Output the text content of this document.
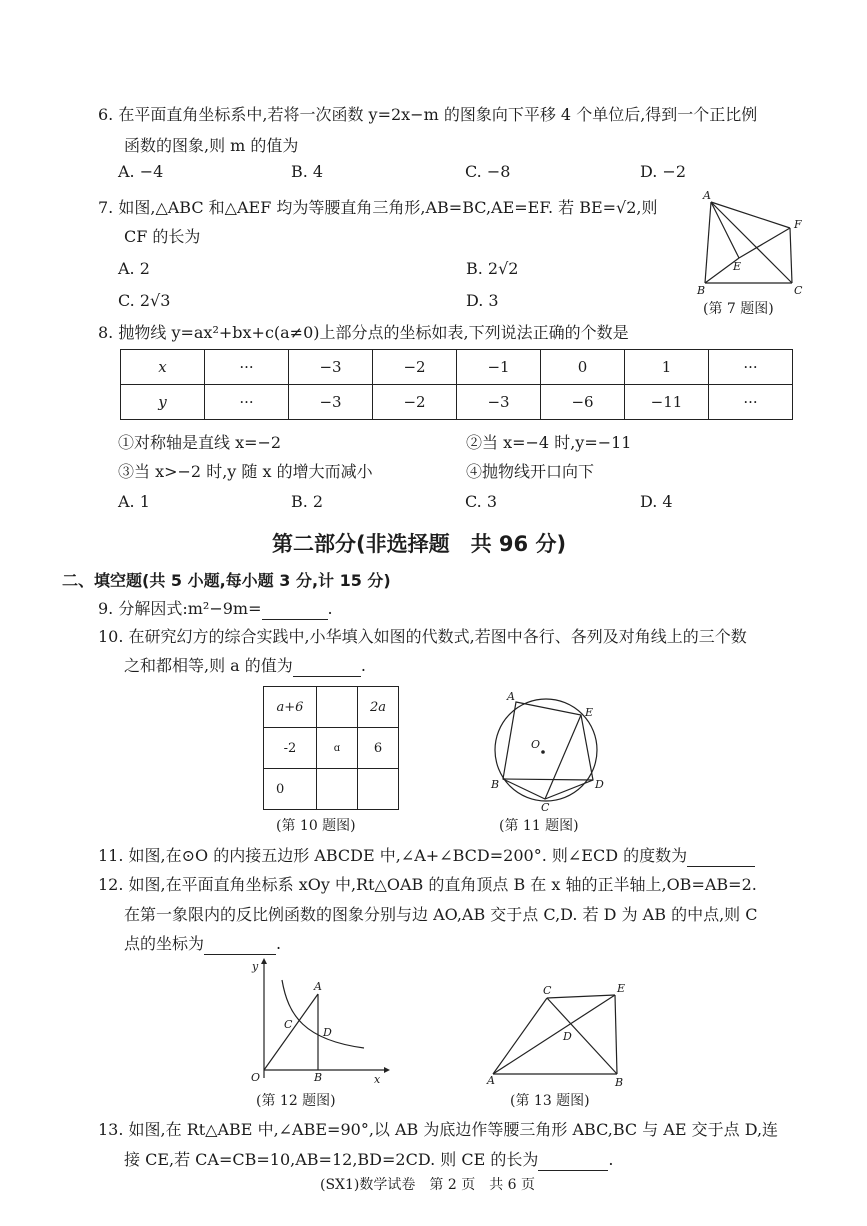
6. 在平面直角坐标系中,若将一次函数 y=2x−m 的图象向下平移 4 个单位后,得到一个正比例
函数的图象,则 m 的值为
A. −4	B. 4	C. −8	D. −2
7. 如图,△ABC 和△AEF 均为等腰直角三角形,AB=BC,AE=EF. 若 BE=√2,则
CF 的长为
A. 2	B. 2√2
C. 2√3	D. 3
A
F
E
B	C
(第 7 题图)
8. 抛物线 y=ax²+bx+c(a≠0)上部分点的坐标如表,下列说法正确的个数是
x	···	−3	−2	−1	0	1	···
y	···	−3	−2	−3	−6	−11	···
①对称轴是直线 x=−2	②当 x=−4 时,y=−11
③当 x>−2 时,y 随 x 的增大而减小	④抛物线开口向下
A. 1	B. 2	C. 3	D. 4
第二部分(非选择题　共 96 分)
二、填空题(共 5 小题,每小题 3 分,计 15 分)
9. 分解因式:m²−9m=	.
10. 在研究幻方的综合实践中,小华填入如图的代数式,若图中各行、各列及对角线上的三个数
之和都相等,则 a 的值为	.
a+6		2a
-2	ɑ	6
0		
(第 10 题图)
A
E
O
B	D
C
(第 11 题图)
11. 如图,在⊙O 的内接五边形 ABCDE 中,∠A+∠BCD=200°. 则∠ECD 的度数为
12. 如图,在平面直角坐标系 xOy 中,Rt△OAB 的直角顶点 B 在 x 轴的正半轴上,OB=AB=2.
在第一象限内的反比例函数的图象分别与边 AO,AB 交于点 C,D. 若 D 为 AB 的中点,则 C
点的坐标为	.
y
A
C
D
O	B	x
(第 12 题图)
C	E
D
A	B
(第 13 题图)
13. 如图,在 Rt△ABE 中,∠ABE=90°,以 AB 为底边作等腰三角形 ABC,BC 与 AE 交于点 D,连
接 CE,若 CA=CB=10,AB=12,BD=2CD. 则 CE 的长为	.
(SX1)数学试卷　第 2 页　共 6 页
